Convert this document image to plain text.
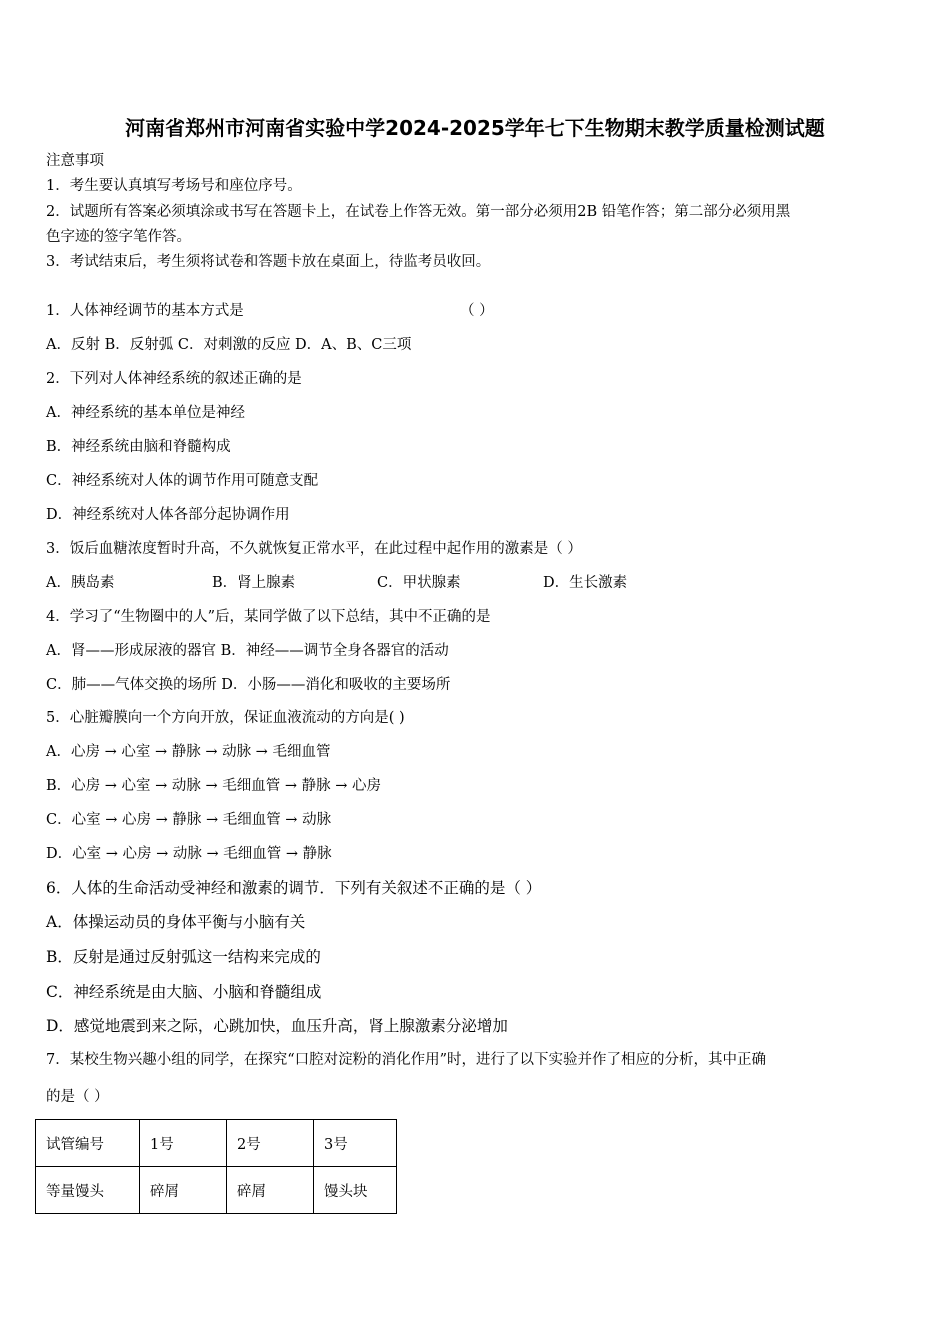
河南省郑州市河南省实验中学2024-2025学年七下生物期末教学质量检测试题
注意事项
1．考生要认真填写考场号和座位序号。
2．试题所有答案必须填涂或书写在答题卡上，在试卷上作答无效。第一部分必须用2B 铅笔作答；第二部分必须用黑
色字迹的签字笔作答。
3．考试结束后，考生须将试卷和答题卡放在桌面上，待监考员收回。
1．人体神经调节的基本方式是	（ ）
A．反射 B．反射弧 C．对刺激的反应 D．A、B、C三项
2．下列对人体神经系统的叙述正确的是
A．神经系统的基本单位是神经
B．神经系统由脑和脊髓构成
C．神经系统对人体的调节作用可随意支配
D．神经系统对人体各部分起协调作用
3．饭后血糖浓度暂时升高，不久就恢复正常水平，在此过程中起作用的激素是（ ）
A．胰岛素	B．肾上腺素	C．甲状腺素	D．生长激素
4．学习了“生物圈中的人”后，某同学做了以下总结，其中不正确的是
A．肾——形成尿液的器官 B．神经——调节全身各器官的活动
C．肺——气体交换的场所 D．小肠——消化和吸收的主要场所
5．心脏瓣膜向一个方向开放，保证血液流动的方向是( )
A．心房 → 心室 → 静脉 → 动脉 → 毛细血管
B．心房 → 心室 → 动脉 → 毛细血管 → 静脉 → 心房
C．心室 → 心房 → 静脉 → 毛细血管 → 动脉
D．心室 → 心房 → 动脉 → 毛细血管 → 静脉
6．人体的生命活动受神经和激素的调节．下列有关叙述不正确的是（ ）
A．体操运动员的身体平衡与小脑有关
B．反射是通过反射弧这一结构来完成的
C．神经系统是由大脑、小脑和脊髓组成
D．感觉地震到来之际，心跳加快，血压升高，肾上腺激素分泌增加
7．某校生物兴趣小组的同学，在探究“口腔对淀粉的消化作用”时，进行了以下实验并作了相应的分析，其中正确
的是（ ）
试管编号	1号	2号	3号
等量馒头	碎屑	碎屑	馒头块
